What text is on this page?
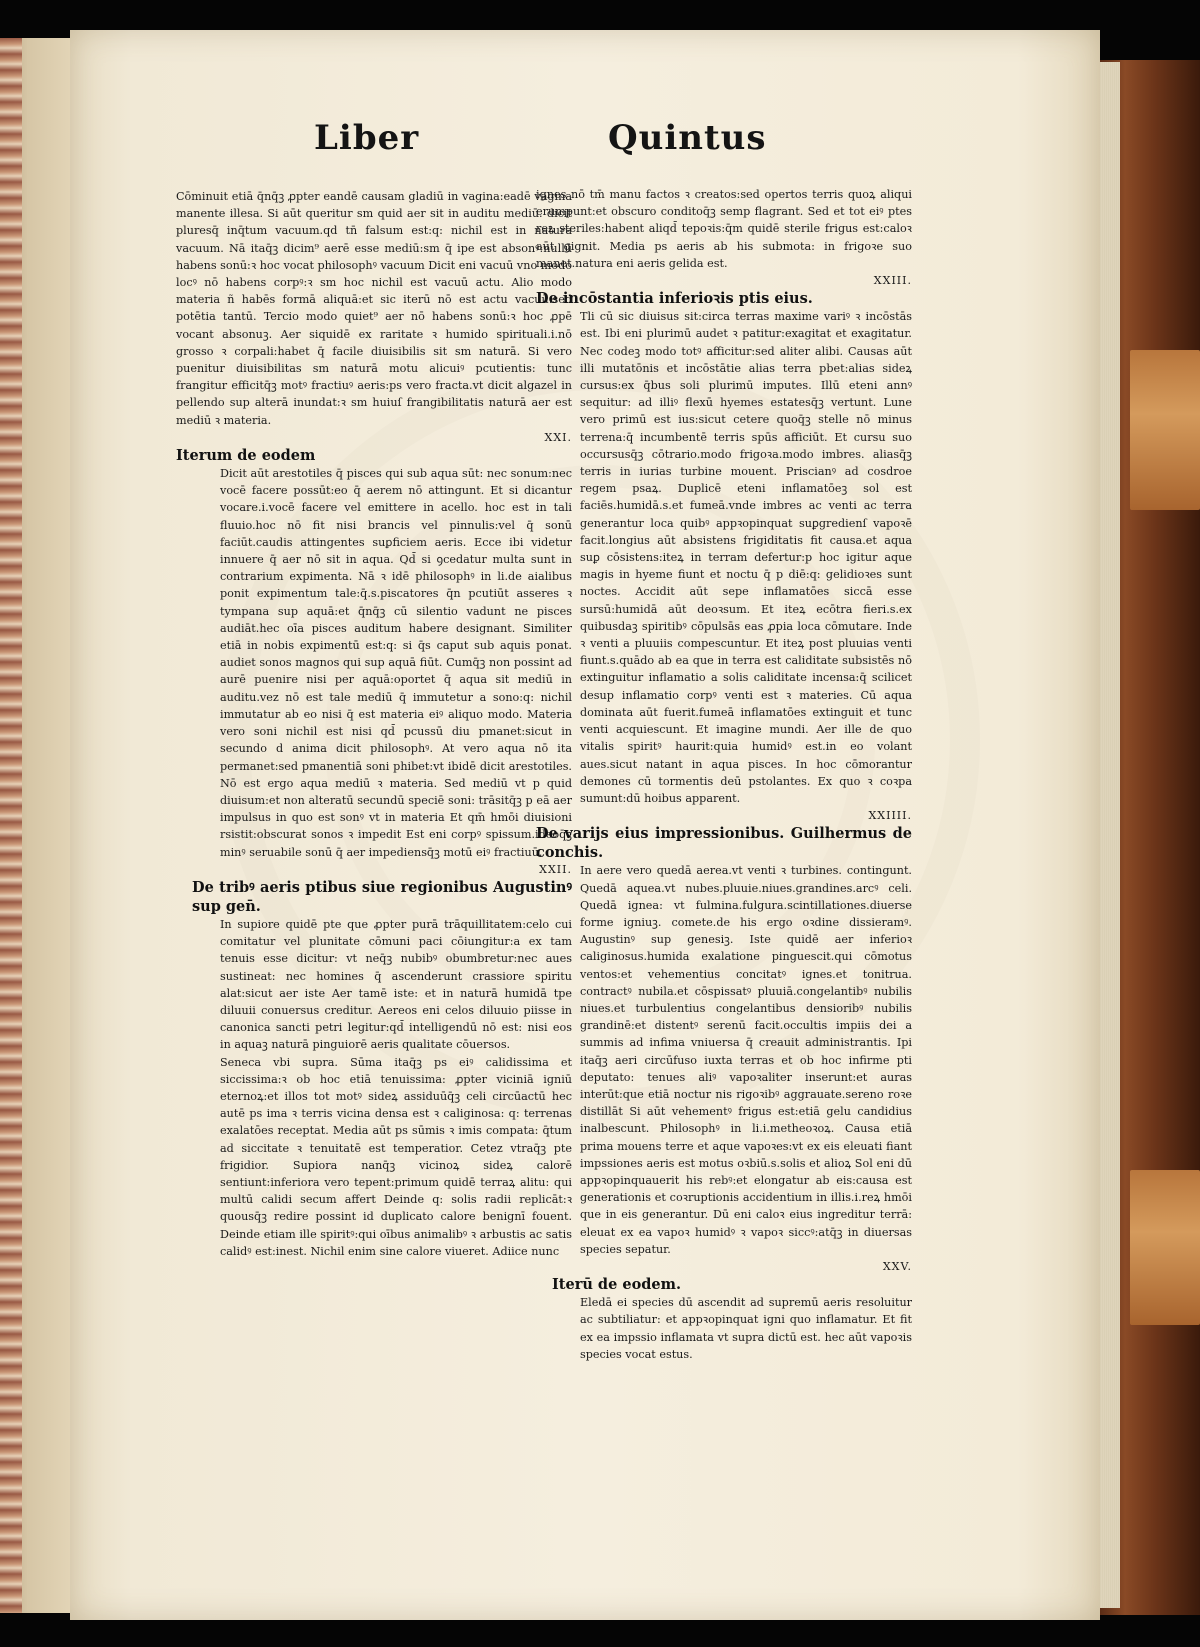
Liber	Quintus

Cōminuit etiā q̄nq̄ꝫ ꝓpter eandē causam gladiū in vagina:eadē vagina manente illesa. Si aūt queritur sm quid aer sit in auditu mediū. dicit pluresq̄ inq̄tum vacuum.qd tn̄ falsum est:q: nichil est in natura vacuum. Nā itaq̄ꝫ dicim⁹ aerē esse mediū:sm q̄ ipe est absonꝰ:nullū habens sonū:ꝛ hoc vocat philosophꝰ vacuum Dicit eni vacuū vno modo locꝰ nō habens corpꝰ:ꝛ sm hoc nichil est vacuū actu. Alio modo materia ñ habēs formā aliquā:et sic iterū nō est actu vacuū:sed potētia tantū. Tercio modo quiet⁹ aer nō habens sonū:ꝛ hoc ꝓpē vocant absonuꝫ. Aer siquidē ex raritate ꝛ humido spirituali.i.nō grosso ꝛ corpali:habet q̄ facile diuisibilis sit sm naturā. Si vero puenitur diuisibilitas sm naturā motu alicuiꝰ pcutientis: tunc frangitur efficitq̄ꝫ motꝰ fractiuꝰ aeris:ps vero fracta.vt dicit algazel in pellendo sup alterā inundat:ꝛ sm huiuſ frangibilitatis naturā aer est mediū ꝛ materia.

XXI.

Iterum de eodem

Dicit aūt arestotiles q̄ pisces qui sub aqua sūt: nec sonum:nec vocē facere possūt:eo q̄ aerem nō attingunt. Et si dicantur vocare.i.vocē facere vel emittere in acello. hoc est in tali fluuio.hoc nō fit nisi brancis vel pinnulis:vel q̄ sonū faciūt.caudis attingentes suꝑficiem aeris. Ecce ibi videtur innuere q̄ aer nō sit in aqua. Qd̄ si ꝯcedatur multa sunt in contrarium expimenta. Nā ꝛ idē philosophꝰ in li.de aialibus ponit expimentum tale:q̄.s.piscatores q̄n pcutiūt asseres ꝛ tympana sup aquā:et q̄nq̄ꝫ cū silentio vadunt ne pisces audiāt.hec oīa pisces auditum habere designant. Similiter etiā in nobis expimentū est:q: si q̄s caput sub aquis ponat. audiet sonos magnos qui sup aquā fiūt. Cumq̄ꝫ non possint ad aurē puenire nisi per aquā:oportet q̄ aqua sit mediū in auditu.vez nō est tale mediū q̄ immutetur a sono:q: nichil immutatur ab eo nisi q̄ est materia eiꝰ aliquo modo. Materia vero soni nichil est nisi qd̄ pcussū diu pmanet:sicut in secundo d anima dicit philosophꝰ. At vero aqua nō ita permanet:sed pmanentiā soni phibet:vt ibidē dicit arestotiles. Nō est ergo aqua mediū ꝛ materia. Sed mediū vt p quid diuisum:et non alteratū secundū speciē soni: trāsitq̄ꝫ p eā aer impulsus in quo est sonꝰ vt in materia Et qm̄ hmōi diuisioni rsistit:obscurat sonos ꝛ impedit Est eni corpꝰ spissum.ideoq̄ꝫ minꝰ seruabile sonū q̄ aer impediensq̄ꝫ motū eiꝰ fractiuū.

XXII.

De tribꝰ aeris ptibus siue regionibus Augustinꝰ sup gen̄.

In supiore quidē pte que ꝓpter purā trāquillitatem:celo cui comitatur vel plunitate cōmuni paci cōiungitur:a ex tam tenuis esse dicitur: vt neq̄ꝫ nubibꝰ obumbretur:nec aues sustineat: nec homines q̄ ascenderunt crassiore spiritu alat:sicut aer iste Aer tamē iste: et in naturā humidā tpe diluuii conuersus creditur. Aereos eni celos diluuio piisse in canonica sancti petri legitur:qd̄ intelligendū nō est: nisi eos in aquaꝫ naturā pinguiorē aeris qualitate cōuersos.

Seneca vbi supra. Sūma itaq̄ꝫ ps eiꝰ calidissima et siccissima:ꝛ ob hoc etiā tenuissima: ꝓpter viciniā igniū eternoꝝ:et illos tot motꝰ sideꝝ assiduūq̄ꝫ celi circūactū hec autē ps ima ꝛ terris vicina densa est ꝛ caliginosa: q: terrenas exalatōes receptat. Media aūt ps sūmis ꝛ imis compata: q̄tum ad siccitate ꝛ tenuitatē est temperatior. Cetez vtraq̄ꝫ pte frigidior. Supiora nanq̄ꝫ vicinoꝝ sideꝝ calorē sentiunt:inferiora vero tepent:primum quidē terraꝝ alitu: qui multū calidi secum affert Deinde q: solis radii replicāt:ꝛ quousq̄ꝫ redire possint id duplicato calore benignī fouent. Deinde etiam ille spiritꝰ:qui oībus animalibꝰ ꝛ arbustis ac satis calidꝰ est:inest. Nichil enim sine calore viueret. Adiice nunc

ignes nō tm̄ manu factos ꝛ creatos:sed opertos terris quoꝝ aliqui erumpunt:et obscuro conditoq̄ꝫ semp flagrant. Sed et tot eiꝰ ptes reꝝ steriles:habent aliqd̄ tepoꝛis:q̄m quidē sterile frigus est:caloꝛ aūt gignit. Media ps aeris ab his submota: in frigoꝛe suo manet.natura eni aeris gelida est.

XXIII.

De incōstantia inferioꝛis ptis eius.

Tli cū sic diuisus sit:circa terras maxime variꝰ ꝛ incōstās est. Ibi eni plurimū audet ꝛ patitur:exagitat et exagitatur. Nec codeꝫ modo totꝰ afficitur:sed aliter alibi. Causas aūt illi mutatōnis et incōstātie alias terra pbet:alias sideꝝ cursus:ex q̄bus soli plurimū imputes. Illū eteni annꝰ sequitur: ad illiꝰ flexū hyemes estatesq̄ꝫ vertunt. Lune vero primū est ius:sicut cetere quoq̄ꝫ stelle nō minus terrena:q̄ incumbentē terris spūs afficiūt. Et cursu suo occursusq̄ꝫ cōtrario.modo frigoꝛa.modo imbres. aliasq̄ꝫ terris in iurias turbine mouent. Priscianꝰ ad cosdroe regem psaꝝ. Duplicē eteni inflamatōeꝫ sol est faciēs.humidā.s.et fumeā.vnde imbres ac venti ac terra generantur loca quibꝰ appꝛopinquat suꝑgredienſ vapoꝛē facit.longius aūt absistens frigiditatis fit causa.et aqua suꝑ cōsistens:iteꝝ in terram defertur:p hoc igitur aque magis in hyeme fiunt et noctu q̄ p diē:q: gelidioꝛes sunt noctes. Accidit aūt sepe inflamatōes siccā esse sursū:humidā aūt deoꝛsum. Et iteꝝ ecōtra fieri.s.ex quibusdaꝫ spiritibꝰ cōpulsās eas ꝓpia loca cōmutare. Inde ꝛ venti a pluuiis compescuntur. Et iteꝝ post pluuias venti fiunt.s.quādo ab ea que in terra est caliditate subsistēs nō extinguitur inflamatio a solis caliditate incensa:q̄ scilicet desup inflamatio corpꝰ venti est ꝛ materies. Cū aqua dominata aūt fuerit.fumeā inflamatōes extinguit et tunc venti acquiescunt. Et imagine mundi. Aer ille de quo vitalis spiritꝰ haurit:quia humidꝰ est.in eo volant aues.sicut natant in aqua pisces. In hoc cōmorantur demones cū tormentis deū pstolantes. Ex quo ꝛ coꝛpa sumunt:dū hoibus apparent.

XXIIII.

De varijs eius impressionibus. Guilhermus de conchis.

In aere vero quedā aerea.vt venti ꝛ turbines. contingunt. Quedā aquea.vt nubes.pluuie.niues.grandines.arcꝰ celi. Quedā ignea: vt fulmina.fulgura.scintillationes.diuerse forme igniuꝫ. comete.de his ergo oꝛdine dissieramꝰ. Augustinꝰ sup genesiꝫ. Iste quidē aer inferioꝛ caliginosus.humida exalatione pinguescit.qui cōmotus ventos:et vehementius concitatꝰ ignes.et tonitrua. contractꝰ nubila.et cōspissatꝰ pluuiā.congelantibꝰ nubilis niues.et turbulentius congelantibus densioribꝰ nubilis grandinē:et distentꝰ serenū facit.occultis impiis dei a summis ad infima vniuersa q̄ creauit administrantis. Ipi itaq̄ꝫ aeri circūfuso iuxta terras et ob hoc infirme pti deputato: tenues aliꝰ vapoꝛaliter inserunt:et auras interūt:que etiā noctur nis rigoꝛibꝰ aggrauate.sereno roꝛe distillāt Si aūt vehementꝰ frigus est:etiā gelu candidius inalbescunt. Philosophꝰ in li.i.metheoꝛoꝝ. Causa etiā prima mouens terre et aque vapoꝛes:vt ex eis eleuati fiant impssiones aeris est motus oꝛbiū.s.solis et alioꝝ Sol eni dū appꝛopinquauerit his rebꝰ:et elongatur ab eis:causa est generationis et coꝛruptionis accidentium in illis.i.reꝝ hmōi que in eis generantur. Dū eni caloꝛ eius ingreditur terrā: eleuat ex ea vapoꝛ humidꝰ ꝛ vapoꝛ siccꝰ:atq̄ꝫ in diuersas species sepatur.

XXV.

Iterū de eodem.

Eledā ei species dū ascendit ad supremū aeris resoluitur ac subtiliatur: et appꝛopinquat igni quo inflamatur. Et fit ex ea impssio inflamata vt supra dictū est. hec aūt vapoꝛis species vocat estus.
